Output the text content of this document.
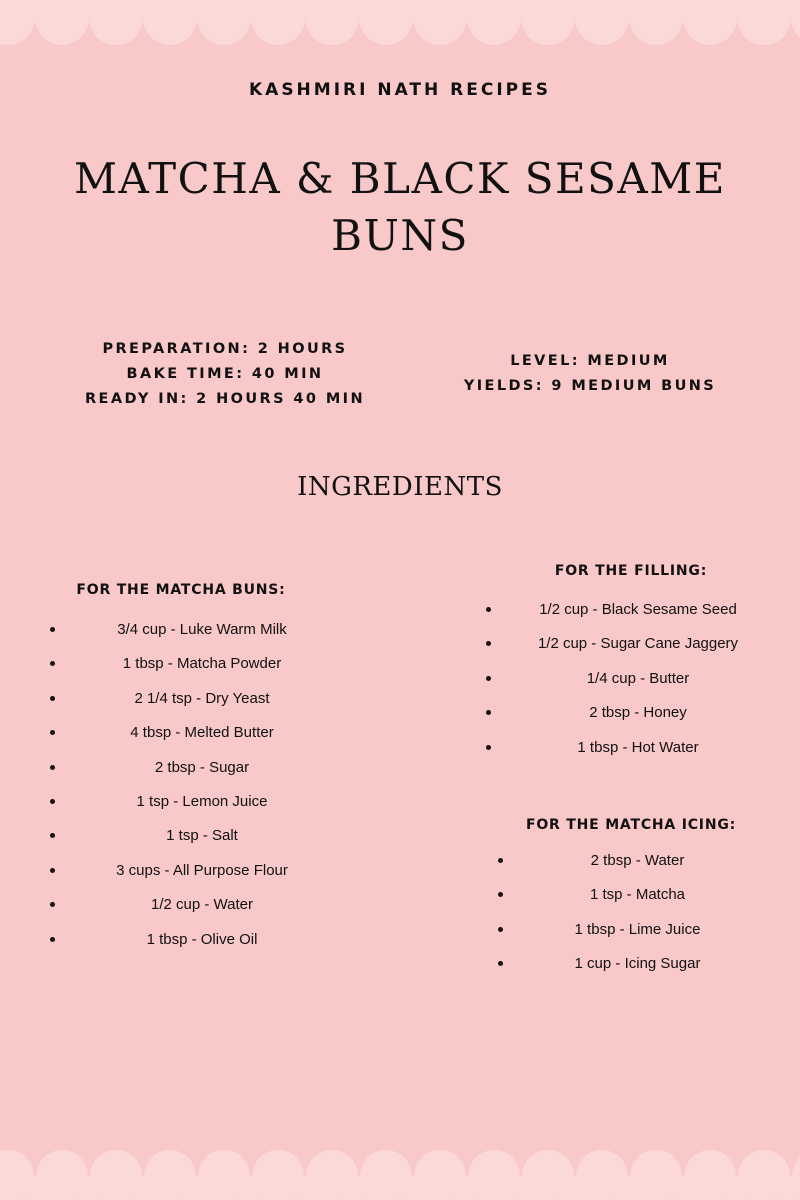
KASHMIRI NATH RECIPES
MATCHA & BLACK SESAME
BUNS
PREPARATION: 2 HOURS
BAKE TIME: 40 MIN
READY IN: 2 HOURS 40 MIN
LEVEL: MEDIUM
YIELDS: 9 MEDIUM BUNS
INGREDIENTS
FOR THE MATCHA BUNS:
3/4 cup - Luke Warm Milk
1 tbsp - Matcha Powder
2 1/4 tsp - Dry Yeast
4 tbsp - Melted Butter
2 tbsp - Sugar
1 tsp - Lemon Juice
1 tsp - Salt
3 cups - All Purpose Flour
1/2 cup - Water
1 tbsp - Olive Oil
FOR THE FILLING:
1/2 cup - Black Sesame Seed
1/2 cup - Sugar Cane Jaggery
1/4 cup - Butter
2 tbsp - Honey
1 tbsp - Hot Water
FOR THE MATCHA ICING:
2 tbsp - Water
1 tsp - Matcha
1 tbsp - Lime Juice
1 cup - Icing Sugar
